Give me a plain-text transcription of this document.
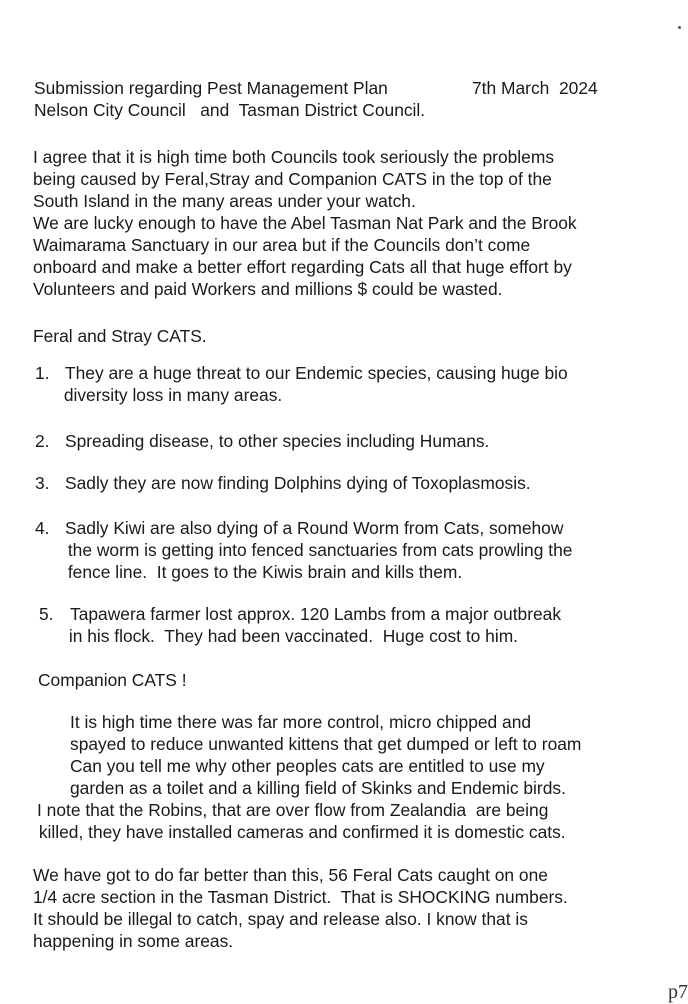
Submission regarding Pest Management Plan	7th March  2024
Nelson City Council   and  Tasman District Council.
I agree that it is high time both Councils took seriously the problems
being caused by Feral,Stray and Companion CATS in the top of the
South Island in the many areas under your watch.
We are lucky enough to have the Abel Tasman Nat Park and the Brook
Waimarama Sanctuary in our area but if the Councils don’t come
onboard and make a better effort regarding Cats all that huge effort by
Volunteers and paid Workers and millions $ could be wasted.
Feral and Stray CATS.
1. They are a huge threat to our Endemic species, causing huge bio
diversity loss in many areas.
2. Spreading disease, to other species including Humans.
3. Sadly they are now finding Dolphins dying of Toxoplasmosis.
4. Sadly Kiwi are also dying of a Round Worm from Cats, somehow
the worm is getting into fenced sanctuaries from cats prowling the
fence line.  It goes to the Kiwis brain and kills them.
5. Tapawera farmer lost approx. 120 Lambs from a major outbreak
in his flock.  They had been vaccinated.  Huge cost to him.
Companion CATS !
It is high time there was far more control, micro chipped and
spayed to reduce unwanted kittens that get dumped or left to roam
Can you tell me why other peoples cats are entitled to use my
garden as a toilet and a killing field of Skinks and Endemic birds.
I note that the Robins, that are over flow from Zealandia  are being
killed, they have installed cameras and confirmed it is domestic cats.
We have got to do far better than this, 56 Feral Cats caught on one
1/4 acre section in the Tasman District.  That is SHOCKING numbers.
It should be illegal to catch, spay and release also. I know that is
happening in some areas.
p7
